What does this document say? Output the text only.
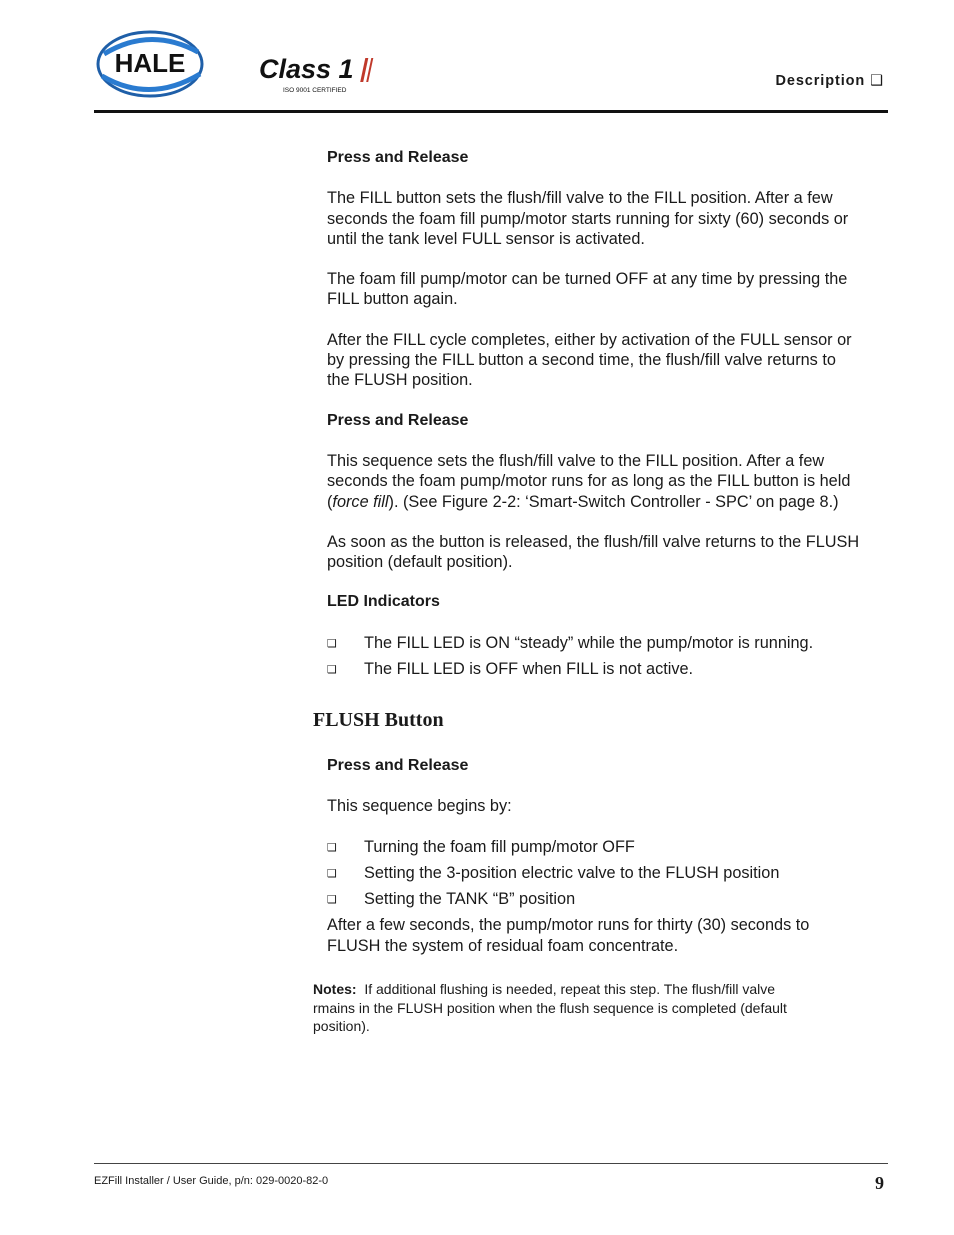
HALE	Class 1
ISO 9001 CERTIFIED
Description ❑

Press and Release

The FILL button sets the flush/fill valve to the FILL position. After a few
seconds the foam fill pump/motor starts running for sixty (60) seconds or
until the tank level FULL sensor is activated.

The foam fill pump/motor can be turned OFF at any time by pressing the
FILL button again.

After the FILL cycle completes, either by activation of the FULL sensor or
by pressing the FILL button a second time, the flush/fill valve returns to
the FLUSH position.

Press and Release

This sequence sets the flush/fill valve to the FILL position. After a few
seconds the foam pump/motor runs for as long as the FILL button is held
(force fill). (See Figure 2-2: ‘Smart-Switch Controller - SPC’ on page 8.)

As soon as the button is released, the flush/fill valve returns to the FLUSH
position (default position).

LED Indicators

❑ The FILL LED is ON “steady” while the pump/motor is running.

❑ The FILL LED is OFF when FILL is not active.

FLUSH Button

Press and Release

This sequence begins by:

❑ Turning the foam fill pump/motor OFF

❑ Setting the 3-position electric valve to the FLUSH position

❑ Setting the TANK “B” position

After a few seconds, the pump/motor runs for thirty (30) seconds to
FLUSH the system of residual foam concentrate.

Notes: If additional flushing is needed, repeat this step. The flush/fill valve
rmains in the FLUSH position when the flush sequence is completed (default
position).
EZFill Installer / User Guide, p/n: 029-0020-82-0	9
